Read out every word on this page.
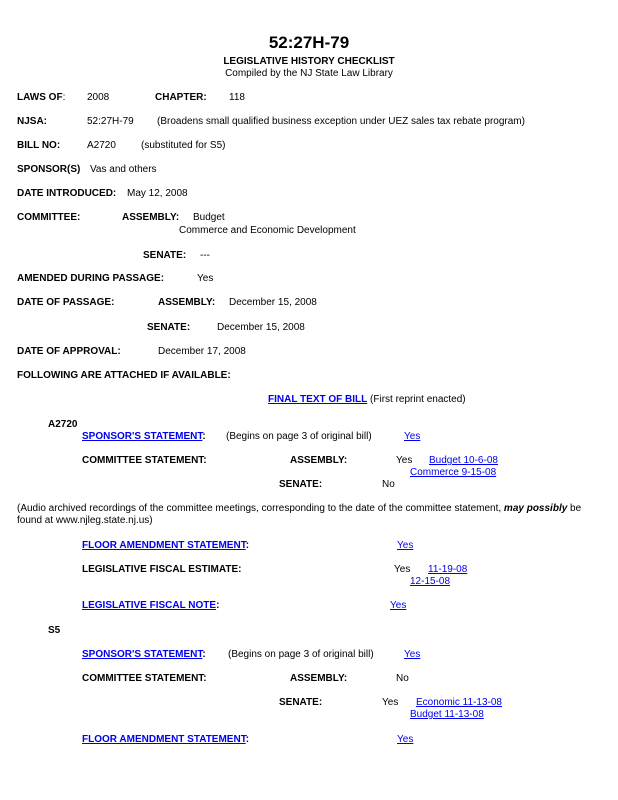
52:27H-79
LEGISLATIVE HISTORY CHECKLIST
Compiled by the NJ State Law Library
LAWS OF: 2008	CHAPTER: 118
NJSA:	52:27H-79 (Broadens small qualified business exception under UEZ sales tax rebate program)
BILL NO:	A2720	(substituted for S5)
SPONSOR(S) Vas and others
DATE INTRODUCED: May 12, 2008
COMMITTEE:	ASSEMBLY: Budget
Commerce and Economic Development
SENATE: ---
AMENDED DURING PASSAGE:	Yes
DATE OF PASSAGE:	ASSEMBLY: December 15, 2008
SENATE:	December 15, 2008
DATE OF APPROVAL:	December 17, 2008
FOLLOWING ARE ATTACHED IF AVAILABLE:
FINAL TEXT OF BILL (First reprint enacted)
A2720
SPONSOR'S STATEMENT: (Begins on page 3 of original bill)	Yes
COMMITTEE STATEMENT:	ASSEMBLY:	Yes Budget 10-6-08
Commerce 9-15-08
SENATE:	No
(Audio archived recordings of the committee meetings, corresponding to the date of the committee statement, may possibly be found at www.njleg.state.nj.us)
FLOOR AMENDMENT STATEMENT:	Yes
LEGISLATIVE FISCAL ESTIMATE:	Yes 11-19-08
12-15-08
LEGISLATIVE FISCAL NOTE:	Yes
S5
SPONSOR'S STATEMENT: (Begins on page 3 of original bill)	Yes
COMMITTEE STATEMENT:	ASSEMBLY:	No
SENATE:	Yes Economic 11-13-08
Budget 11-13-08
FLOOR AMENDMENT STATEMENT:	Yes
